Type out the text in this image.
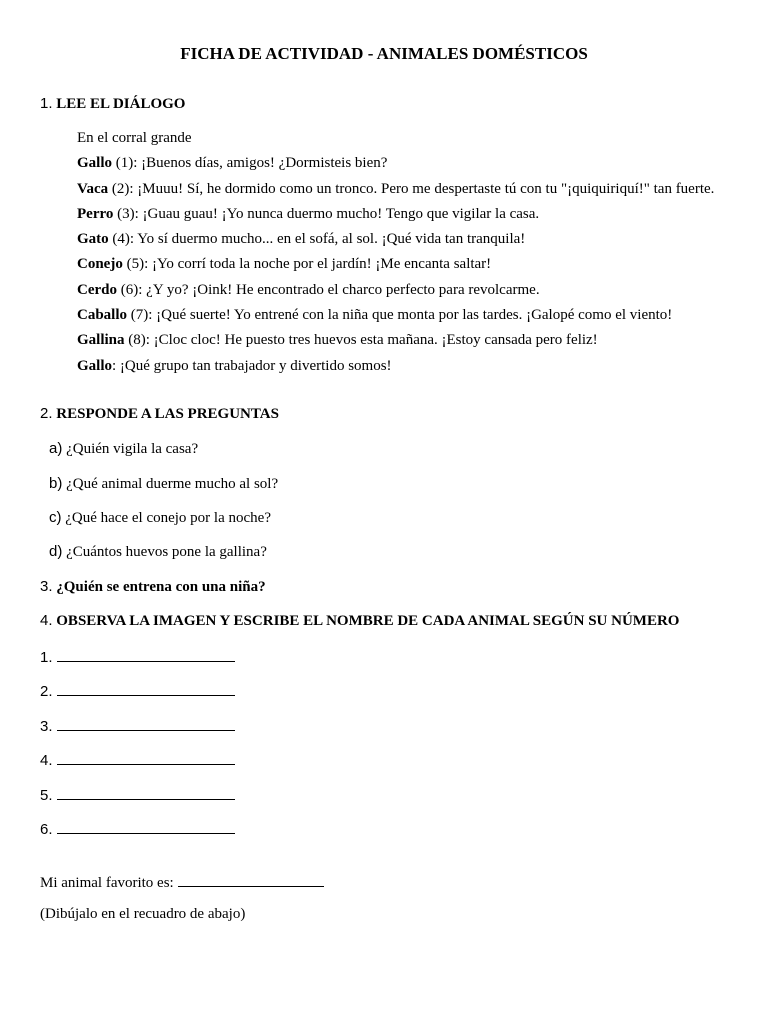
FICHA DE ACTIVIDAD - ANIMALES DOMÉSTICOS
1. LEE EL DIÁLOGO

En el corral grande

Gallo (1): ¡Buenos días, amigos! ¿Dormisteis bien?

Vaca (2): ¡Muuu! Sí, he dormido como un tronco. Pero me despertaste tú con tu "¡quiquiriquí!" tan fuerte.

Perro (3): ¡Guau guau! ¡Yo nunca duermo mucho! Tengo que vigilar la casa.

Gato (4): Yo sí duermo mucho... en el sofá, al sol. ¡Qué vida tan tranquila!

Conejo (5): ¡Yo corrí toda la noche por el jardín! ¡Me encanta saltar!

Cerdo (6): ¿Y yo? ¡Oink! He encontrado el charco perfecto para revolcarme.

Caballo (7): ¡Qué suerte! Yo entrené con la niña que monta por las tardes. ¡Galopé como el viento!

Gallina (8): ¡Cloc cloc! He puesto tres huevos esta mañana. ¡Estoy cansada pero feliz!

Gallo: ¡Qué grupo tan trabajador y divertido somos!

2. RESPONDE A LAS PREGUNTAS
a) ¿Quién vigila la casa?
b) ¿Qué animal duerme mucho al sol?
c) ¿Qué hace el conejo por la noche?
d) ¿Cuántos huevos pone la gallina?
3. ¿Quién se entrena con una niña?
4. OBSERVA LA IMAGEN Y ESCRIBE EL NOMBRE DE CADA ANIMAL SEGÚN SU NÚMERO
1.
2.
3.
4.
5.
6.
Mi animal favorito es:
(Dibújalo en el recuadro de abajo)
